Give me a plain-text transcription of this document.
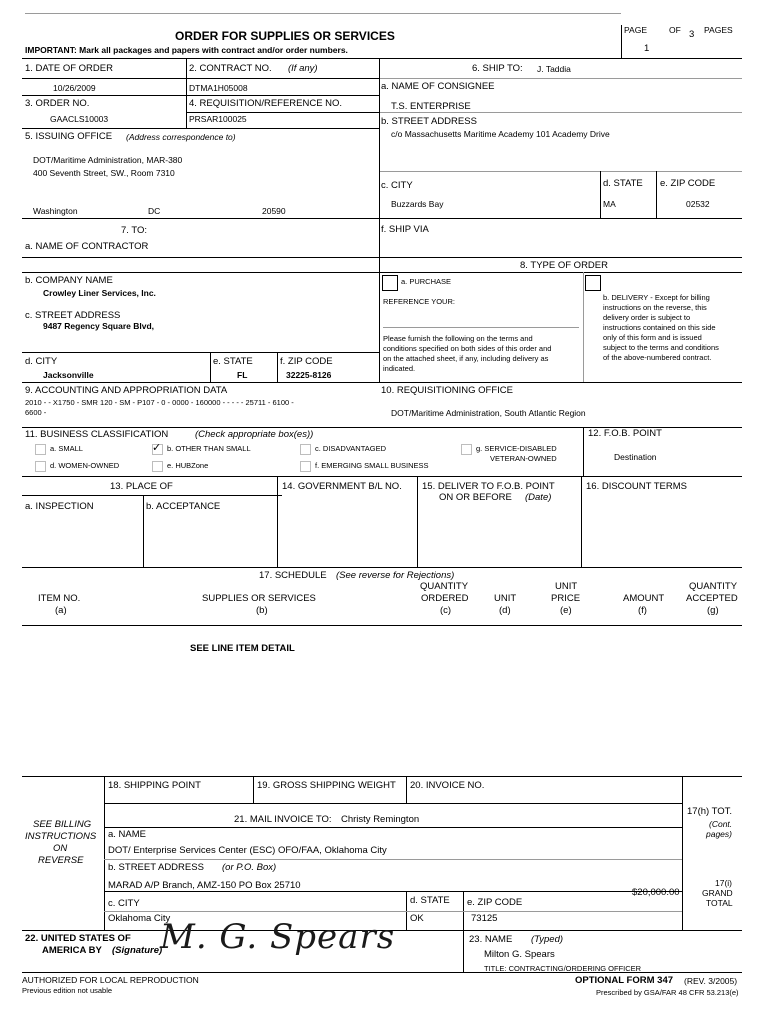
ORDER FOR SUPPLIES OR SERVICES
IMPORTANT: Mark all packages and papers with contract and/or order numbers.
PAGE	OF	PAGES
1
3
1. DATE OF ORDER
10/26/2009
2. CONTRACT NO. (If any)
DTMA1H05008
3. ORDER NO.
GAACLS10003
4. REQUISITION/REFERENCE NO.
PRSAR100025
5. ISSUING OFFICE (Address correspondence to)
DOT/Maritime Administration, MAR-380
400 Seventh Street, SW., Room 7310
Washington	DC	20590
6. SHIP TO: J. Taddia
a. NAME OF CONSIGNEE
T.S. ENTERPRISE
b. STREET ADDRESS
c/o Massachusetts Maritime Academy 101 Academy Drive
c. CITY
Buzzards Bay
d. STATE
MA
e. ZIP CODE
02532
f. SHIP VIA
7. TO:
a. NAME OF CONTRACTOR
b. COMPANY NAME
Crowley Liner Services, Inc.
c. STREET ADDRESS
9487 Regency Square Blvd,
d. CITY
Jacksonville
e. STATE
FL
f. ZIP CODE
32225-8126
8. TYPE OF ORDER
a. PURCHASE
REFERENCE YOUR:
Please furnish the following on the terms and
conditions specified on both sides of this order and
on the attached sheet, if any, including delivery as
indicated.
b. DELIVERY - Except for billing
instructions on the reverse, this
delivery order is subject to
instructions contained on this side
only of this form and is issued
subject to the terms and conditions
of the above-numbered contract.
9. ACCOUNTING AND APPROPRIATION DATA
2010 - - X1750 - SMR 120 - SM - P107 - 0 - 0000 - 160000 - - - - - 25711 - 6100 -
6600 -
10. REQUISITIONING OFFICE
DOT/Maritime Administration, South Atlantic Region
11. BUSINESS CLASSIFICATION	(Check appropriate box(es))
a. SMALL	✓ b. OTHER THAN SMALL	c. DISADVANTAGED	g. SERVICE-DISABLED
VETERAN-OWNED
d. WOMEN-OWNED	e. HUBZone	f. EMERGING SMALL BUSINESS
12. F.O.B. POINT
Destination
13. PLACE OF
a. INSPECTION	b. ACCEPTANCE
14. GOVERNMENT B/L NO. 15. DELIVER TO F.O.B. POINT
ON OR BEFORE (Date)
16. DISCOUNT TERMS
17. SCHEDULE (See reverse for Rejections)
ITEM NO.
(a)
SUPPLIES OR SERVICES
(b)
QUANTITY
ORDERED
(c)
UNIT
(d)
UNIT
PRICE
(e)
AMOUNT
(f)
QUANTITY
ACCEPTED
(g)
SEE LINE ITEM DETAIL
18. SHIPPING POINT	19. GROSS SHIPPING WEIGHT 20. INVOICE NO.
21. MAIL INVOICE TO: Christy Remington
SEE BILLING
INSTRUCTIONS
ON
REVERSE
a. NAME
DOT/ Enterprise Services Center (ESC) OFO/FAA, Oklahoma City
b. STREET ADDRESS (or P.O. Box)
MARAD A/P Branch, AMZ-150 PO Box 25710
c. CITY
Oklahoma City
d. STATE
OK
e. ZIP CODE
73125
17(h) TOT.
(Cont.
pages)
17(i)
GRAND
TOTAL
$20,000.00
22. UNITED STATES OF
AMERICA BY (Signature)
M. G. Spears	23. NAME (Typed)
Milton G. Spears
TITLE: CONTRACTING/ORDERING OFFICER
AUTHORIZED FOR LOCAL REPRODUCTION
Previous edition not usable
OPTIONAL FORM 347 (REV. 3/2005)
Prescribed by GSA/FAR 48 CFR 53.213(e)
